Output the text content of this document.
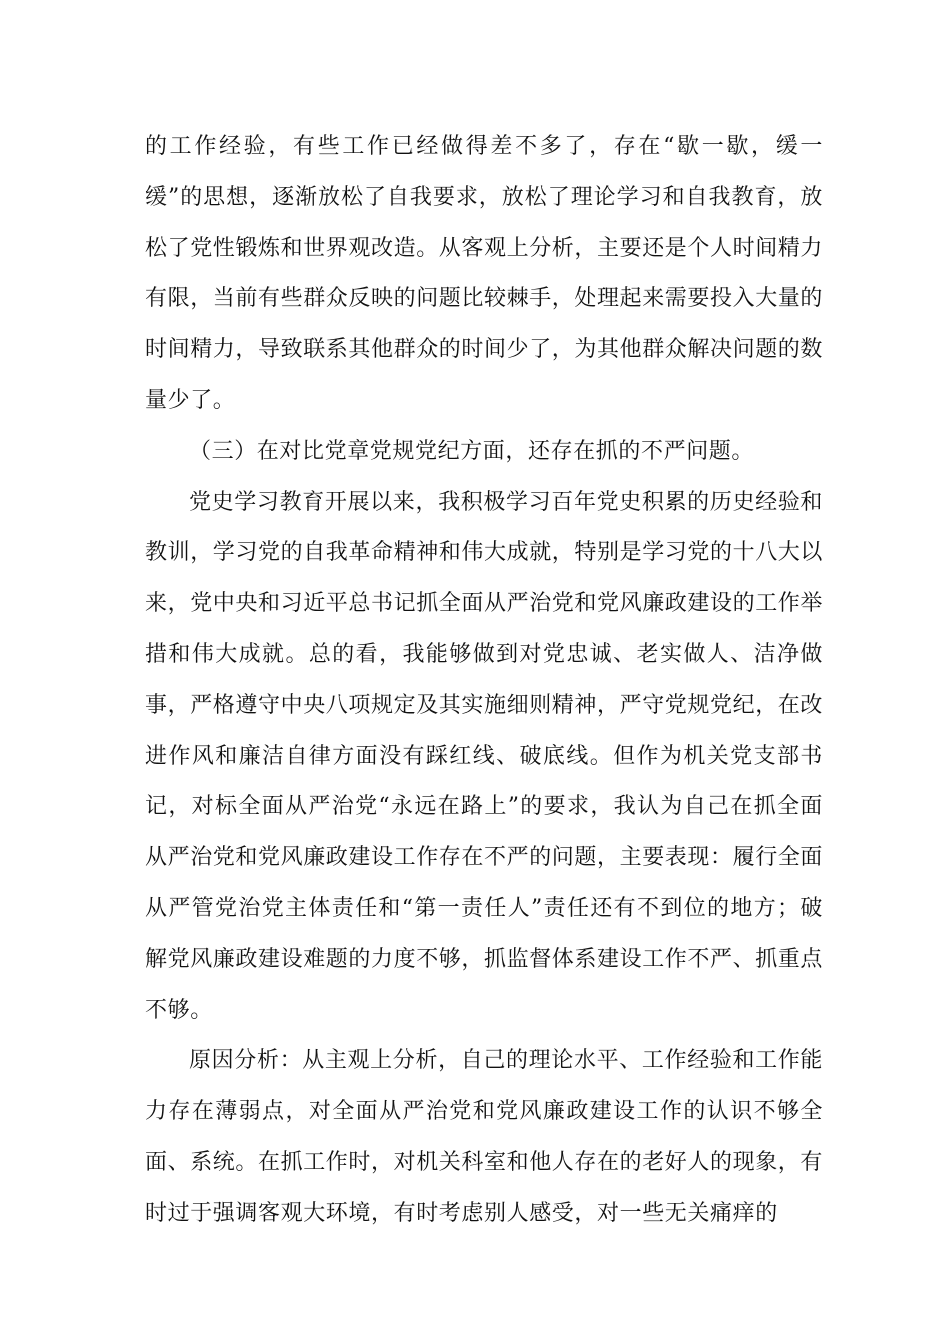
的工作经验，有些工作已经做得差不多了，存在“歇一歇，缓一缓”的思想，逐渐放松了自我要求，放松了理论学习和自我教育，放松了党性锻炼和世界观改造。从客观上分析，主要还是个人时间精力有限，当前有些群众反映的问题比较棘手，处理起来需要投入大量的时间精力，导致联系其他群众的时间少了，为其他群众解决问题的数量少了。

（三）在对比党章党规党纪方面，还存在抓的不严问题。

党史学习教育开展以来，我积极学习百年党史积累的历史经验和教训，学习党的自我革命精神和伟大成就，特别是学习党的十八大以来，党中央和习近平总书记抓全面从严治党和党风廉政建设的工作举措和伟大成就。总的看，我能够做到对党忠诚、老实做人、洁净做事，严格遵守中央八项规定及其实施细则精神，严守党规党纪，在改进作风和廉洁自律方面没有踩红线、破底线。但作为机关党支部书记，对标全面从严治党“永远在路上”的要求，我认为自己在抓全面从严治党和党风廉政建设工作存在不严的问题，主要表现：履行全面从严管党治党主体责任和“第一责任人”责任还有不到位的地方；破解党风廉政建设难题的力度不够，抓监督体系建设工作不严、抓重点不够。

原因分析：从主观上分析，自己的理论水平、工作经验和工作能力存在薄弱点，对全面从严治党和党风廉政建设工作的认识不够全面、系统。在抓工作时，对机关科室和他人存在的老好人的现象，有时过于强调客观大环境，有时考虑别人感受，对一些无关痛痒的
